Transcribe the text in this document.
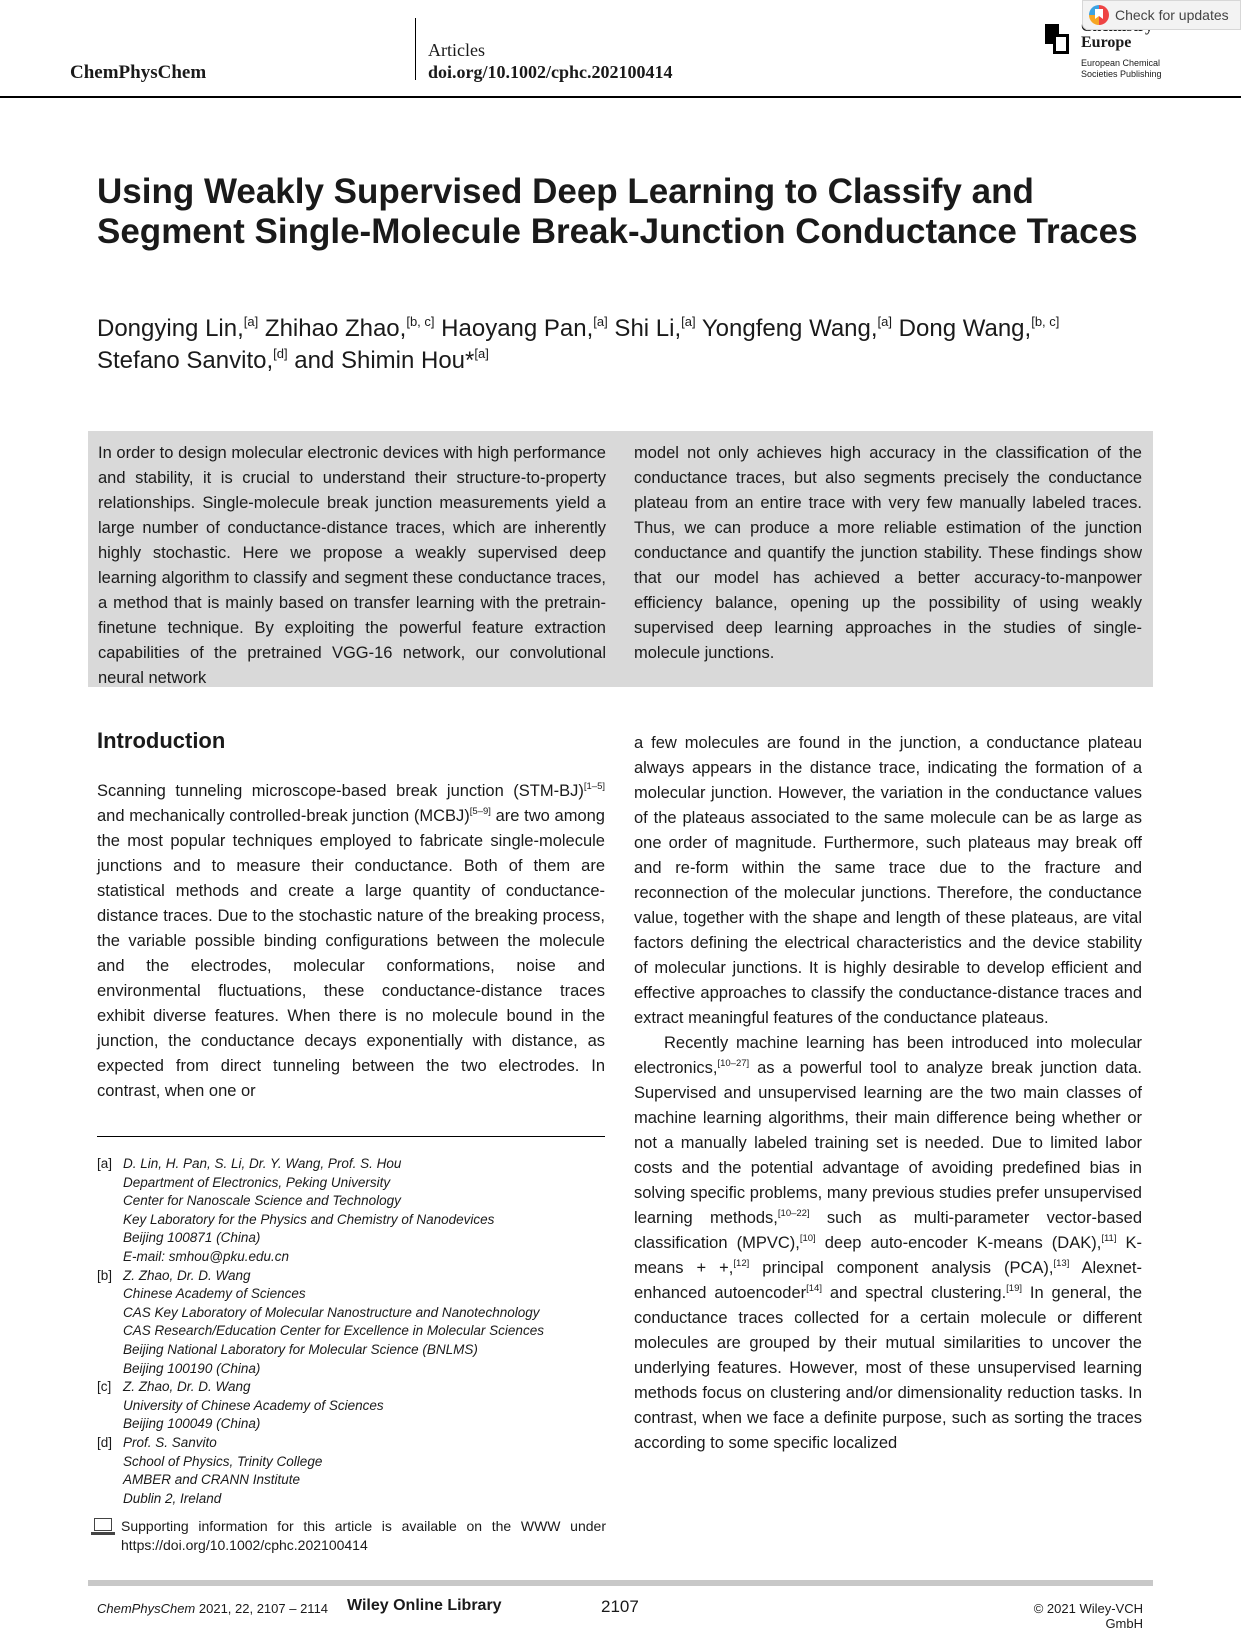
ChemPhysChem
Articles
doi.org/10.1002/cphc.202100414
Europe
European Chemical
Societies Publishing
Check for updates
Using Weakly Supervised Deep Learning to Classify and Segment Single-Molecule Break-Junction Conductance Traces
Dongying Lin,[a] Zhihao Zhao,[b, c] Haoyang Pan,[a] Shi Li,[a] Yongfeng Wang,[a] Dong Wang,[b, c]
Stefano Sanvito,[d] and Shimin Hou*[a]
In order to design molecular electronic devices with high performance and stability, it is crucial to understand their structure-to-property relationships. Single-molecule break junction measurements yield a large number of conductance-distance traces, which are inherently highly stochastic. Here we propose a weakly supervised deep learning algorithm to classify and segment these conductance traces, a method that is mainly based on transfer learning with the pretrain-finetune technique. By exploiting the powerful feature extraction capabilities of the pretrained VGG-16 network, our convolutional neural network
model not only achieves high accuracy in the classification of the conductance traces, but also segments precisely the conductance plateau from an entire trace with very few manually labeled traces. Thus, we can produce a more reliable estimation of the junction conductance and quantify the junction stability. These findings show that our model has achieved a better accuracy-to-manpower efficiency balance, opening up the possibility of using weakly supervised deep learning approaches in the studies of single-molecule junctions.
Introduction

Scanning tunneling microscope-based break junction (STM-BJ)[1–5] and mechanically controlled-break junction (MCBJ)[5–9] are two among the most popular techniques employed to fabricate single-molecule junctions and to measure their conductance. Both of them are statistical methods and create a large quantity of conductance-distance traces. Due to the stochastic nature of the breaking process, the variable possible binding configurations between the molecule and the electrodes, molecular conformations, noise and environmental fluctuations, these conductance-distance traces exhibit diverse features. When there is no molecule bound in the junction, the conductance decays exponentially with distance, as expected from direct tunneling between the two electrodes. In contrast, when one or

a few molecules are found in the junction, a conductance plateau always appears in the distance trace, indicating the formation of a molecular junction. However, the variation in the conductance values of the plateaus associated to the same molecule can be as large as one order of magnitude. Furthermore, such plateaus may break off and re-form within the same trace due to the fracture and reconnection of the molecular junctions. Therefore, the conductance value, together with the shape and length of these plateaus, are vital factors defining the electrical characteristics and the device stability of molecular junctions. It is highly desirable to develop efficient and effective approaches to classify the conductance-distance traces and extract meaningful features of the conductance plateaus.

Recently machine learning has been introduced into molecular electronics,[10–27] as a powerful tool to analyze break junction data. Supervised and unsupervised learning are the two main classes of machine learning algorithms, their main difference being whether or not a manually labeled training set is needed. Due to limited labor costs and the potential advantage of avoiding predefined bias in solving specific problems, many previous studies prefer unsupervised learning methods,[10–22] such as multi-parameter vector-based classification (MPVC),[10] deep auto-encoder K-means (DAK),[11] K-means + +,[12] principal component analysis (PCA),[13] Alexnet-enhanced autoencoder[14] and spectral clustering.[19] In general, the conductance traces collected for a certain molecule or different molecules are grouped by their mutual similarities to uncover the underlying features. However, most of these unsupervised learning methods focus on clustering and/or dimensionality reduction tasks. In contrast, when we face a definite purpose, such as sorting the traces according to some specific localized

[a] D. Lin, H. Pan, S. Li, Dr. Y. Wang, Prof. S. Hou
Department of Electronics, Peking University
Center for Nanoscale Science and Technology
Key Laboratory for the Physics and Chemistry of Nanodevices
Beijing 100871 (China)
E-mail: smhou@pku.edu.cn
[b] Z. Zhao, Dr. D. Wang
Chinese Academy of Sciences
CAS Key Laboratory of Molecular Nanostructure and Nanotechnology
CAS Research/Education Center for Excellence in Molecular Sciences
Beijing National Laboratory for Molecular Science (BNLMS)
Beijing 100190 (China)
[c] Z. Zhao, Dr. D. Wang
University of Chinese Academy of Sciences
Beijing 100049 (China)
[d] Prof. S. Sanvito
School of Physics, Trinity College
AMBER and CRANN Institute
Dublin 2, Ireland
Supporting information for this article is available on the WWW under https://doi.org/10.1002/cphc.202100414
ChemPhysChem 2021, 22, 2107 – 2114 Wiley Online Library	2107	© 2021 Wiley-VCH GmbH
